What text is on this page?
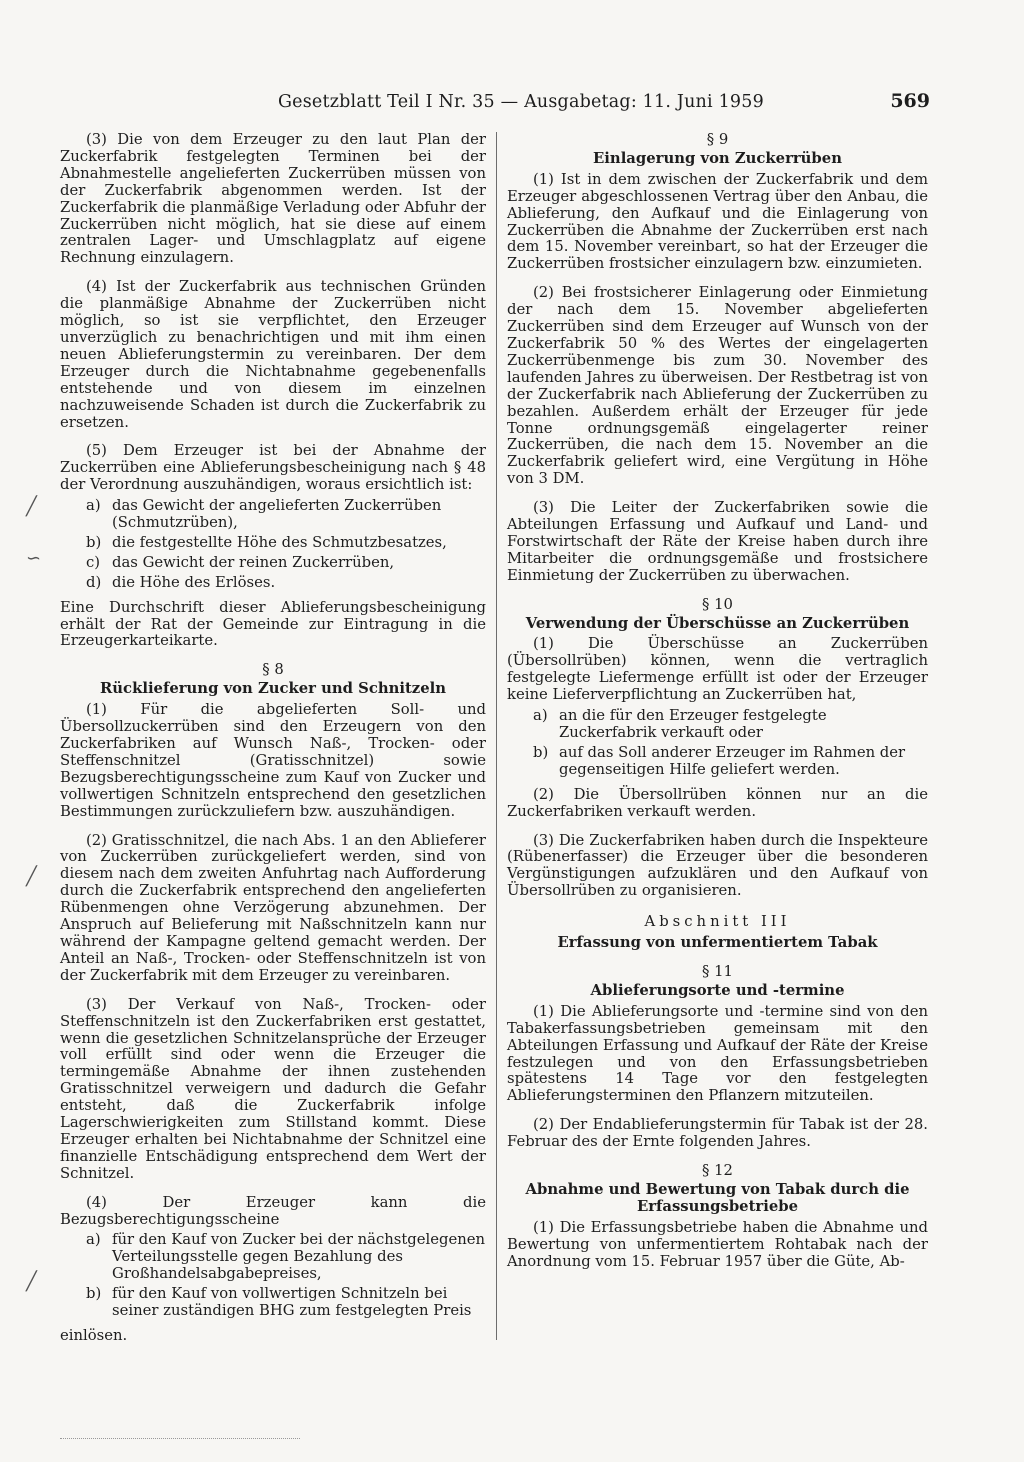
Gesetzblatt Teil I Nr. 35 — Ausgabetag: 11. Juni 1959	569
╱
∽
╱
╱

(3) Die von dem Erzeuger zu den laut Plan der Zuckerfabrik festgelegten Terminen bei der Abnahmestelle angelieferten Zuckerrüben müssen von der Zuckerfabrik abgenommen werden. Ist der Zuckerfabrik die planmäßige Verladung oder Abfuhr der Zuckerrüben nicht möglich, hat sie diese auf einem zentralen Lager- und Umschlagplatz auf eigene Rechnung einzulagern.

(4) Ist der Zuckerfabrik aus technischen Gründen die planmäßige Abnahme der Zuckerrüben nicht möglich, so ist sie verpflichtet, den Erzeuger unverzüglich zu benachrichtigen und mit ihm einen neuen Ablieferungstermin zu vereinbaren. Der dem Erzeuger durch die Nichtabnahme gegebenenfalls entstehende und von diesem im einzelnen nachzuweisende Schaden ist durch die Zuckerfabrik zu ersetzen.

(5) Dem Erzeuger ist bei der Abnahme der Zuckerrüben eine Ablieferungsbescheinigung nach § 48 der Verordnung auszuhändigen, woraus ersichtlich ist:

a) das Gewicht der angelieferten Zuckerrüben (Schmutzrüben),
b) die festgestellte Höhe des Schmutzbesatzes,
c) das Gewicht der reinen Zuckerrüben,
d) die Höhe des Erlöses.

Eine Durchschrift dieser Ablieferungsbescheinigung erhält der Rat der Gemeinde zur Eintragung in die Erzeugerkarteikarte.

§ 8
Rücklieferung von Zucker und Schnitzeln

(1) Für die abgelieferten Soll- und Übersollzuckerrüben sind den Erzeugern von den Zuckerfabriken auf Wunsch Naß-, Trocken- oder Steffenschnitzel (Gratisschnitzel) sowie Bezugsberechtigungsscheine zum Kauf von Zucker und vollwertigen Schnitzeln entsprechend den gesetzlichen Bestimmungen zurückzuliefern bzw. auszuhändigen.

(2) Gratisschnitzel, die nach Abs. 1 an den Ablieferer von Zuckerrüben zurückgeliefert werden, sind von diesem nach dem zweiten Anfuhrtag nach Aufforderung durch die Zuckerfabrik entsprechend den angelieferten Rübenmengen ohne Verzögerung abzunehmen. Der Anspruch auf Belieferung mit Naßschnitzeln kann nur während der Kampagne geltend gemacht werden. Der Anteil an Naß-, Trocken- oder Steffenschnitzeln ist von der Zuckerfabrik mit dem Erzeuger zu vereinbaren.

(3) Der Verkauf von Naß-, Trocken- oder Steffenschnitzeln ist den Zuckerfabriken erst gestattet, wenn die gesetzlichen Schnitzelansprüche der Erzeuger voll erfüllt sind oder wenn die Erzeuger die termingemäße Abnahme der ihnen zustehenden Gratisschnitzel verweigern und dadurch die Gefahr entsteht, daß die Zuckerfabrik infolge Lagerschwierigkeiten zum Stillstand kommt. Diese Erzeuger erhalten bei Nichtabnahme der Schnitzel eine finanzielle Entschädigung entsprechend dem Wert der Schnitzel.

(4) Der Erzeuger kann die Bezugsberechtigungsscheine

a) für den Kauf von Zucker bei der nächstgelegenen Verteilungsstelle gegen Bezahlung des Großhandelsabgabepreises,
b) für den Kauf von vollwertigen Schnitzeln bei seiner zuständigen BHG zum festgelegten Preis

einlösen.

§ 9
Einlagerung von Zuckerrüben

(1) Ist in dem zwischen der Zuckerfabrik und dem Erzeuger abgeschlossenen Vertrag über den Anbau, die Ablieferung, den Aufkauf und die Einlagerung von Zuckerrüben die Abnahme der Zuckerrüben erst nach dem 15. November vereinbart, so hat der Erzeuger die Zuckerrüben frostsicher einzulagern bzw. einzumieten.

(2) Bei frostsicherer Einlagerung oder Einmietung der nach dem 15. November abgelieferten Zuckerrüben sind dem Erzeuger auf Wunsch von der Zuckerfabrik 50 % des Wertes der eingelagerten Zuckerrübenmenge bis zum 30. November des laufenden Jahres zu überweisen. Der Restbetrag ist von der Zuckerfabrik nach Ablieferung der Zuckerrüben zu bezahlen. Außerdem erhält der Erzeuger für jede Tonne ordnungsgemäß eingelagerter reiner Zuckerrüben, die nach dem 15. November an die Zuckerfabrik geliefert wird, eine Vergütung in Höhe von 3 DM.

(3) Die Leiter der Zuckerfabriken sowie die Abteilungen Erfassung und Aufkauf und Land- und Forstwirtschaft der Räte der Kreise haben durch ihre Mitarbeiter die ordnungsgemäße und frostsichere Einmietung der Zuckerrüben zu überwachen.

§ 10
Verwendung der Überschüsse an Zuckerrüben

(1) Die Überschüsse an Zuckerrüben (Übersollrüben) können, wenn die vertraglich festgelegte Liefermenge erfüllt ist oder der Erzeuger keine Lieferverpflichtung an Zuckerrüben hat,

a) an die für den Erzeuger festgelegte Zuckerfabrik verkauft oder
b) auf das Soll anderer Erzeuger im Rahmen der gegenseitigen Hilfe geliefert werden.

(2) Die Übersollrüben können nur an die Zuckerfabriken verkauft werden.

(3) Die Zuckerfabriken haben durch die Inspekteure (Rübenerfasser) die Erzeuger über die besonderen Vergünstigungen aufzuklären und den Aufkauf von Übersollrüben zu organisieren.

Abschnitt III
Erfassung von unfermentiertem Tabak
§ 11
Ablieferungsorte und -termine

(1) Die Ablieferungsorte und -termine sind von den Tabakerfassungsbetrieben gemeinsam mit den Abteilungen Erfassung und Aufkauf der Räte der Kreise festzulegen und von den Erfassungsbetrieben spätestens 14 Tage vor den festgelegten Ablieferungsterminen den Pflanzern mitzuteilen.

(2) Der Endablieferungstermin für Tabak ist der 28. Februar des der Ernte folgenden Jahres.

§ 12
Abnahme und Bewertung von Tabak durch die Erfassungsbetriebe

(1) Die Erfassungsbetriebe haben die Abnahme und Bewertung von unfermentiertem Rohtabak nach der Anordnung vom 15. Februar 1957 über die Güte, Ab-
